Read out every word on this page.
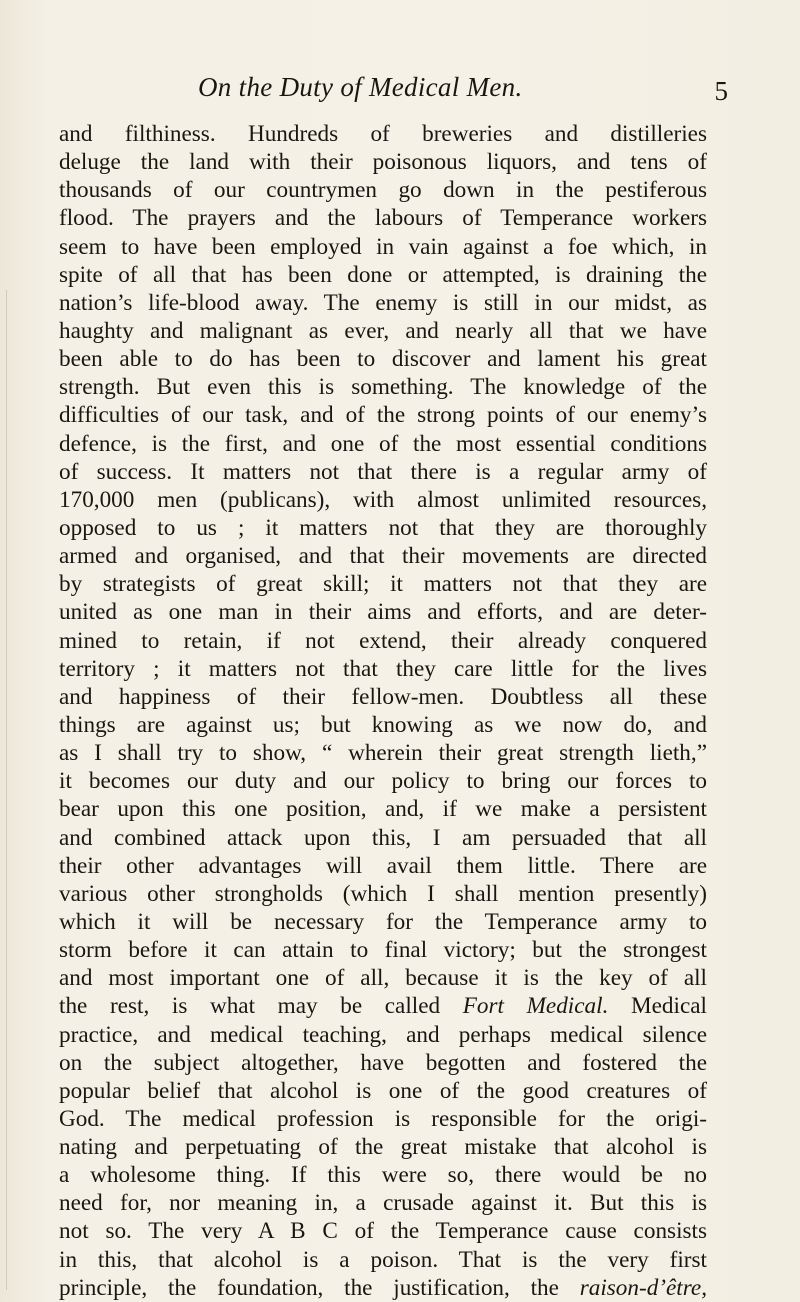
On the Duty of Medical Men.	5
and filthiness. Hundreds of breweries and distilleries
deluge the land with their poisonous liquors, and tens of
thousands of our countrymen go down in the pestiferous
flood. The prayers and the labours of Temperance workers
seem to have been employed in vain against a foe which, in
spite of all that has been done or attempted, is draining the
nation’s life-blood away. The enemy is still in our midst, as
haughty and malignant as ever, and nearly all that we have
been able to do has been to discover and lament his great
strength. But even this is something. The knowledge of the
difficulties of our task, and of the strong points of our enemy’s
defence, is the first, and one of the most essential conditions
of success. It matters not that there is a regular army of
170,000 men (publicans), with almost unlimited resources,
opposed to us ; it matters not that they are thoroughly
armed and organised, and that their movements are directed
by strategists of great skill; it matters not that they are
united as one man in their aims and efforts, and are deter-
mined to retain, if not extend, their already conquered
territory ; it matters not that they care little for the lives
and happiness of their fellow-men. Doubtless all these
things are against us; but knowing as we now do, and
as I shall try to show, “ wherein their great strength lieth,”
it becomes our duty and our policy to bring our forces to
bear upon this one position, and, if we make a persistent
and combined attack upon this, I am persuaded that all
their other advantages will avail them little. There are
various other strongholds (which I shall mention presently)
which it will be necessary for the Temperance army to
storm before it can attain to final victory; but the strongest
and most important one of all, because it is the key of all
the rest, is what may be called Fort Medical. Medical
practice, and medical teaching, and perhaps medical silence
on the subject altogether, have begotten and fostered the
popular belief that alcohol is one of the good creatures of
God. The medical profession is responsible for the origi-
nating and perpetuating of the great mistake that alcohol is
a wholesome thing. If this were so, there would be no
need for, nor meaning in, a crusade against it. But this is
not so. The very A B C of the Temperance cause consists
in this, that alcohol is a poison. That is the very first
principle, the foundation, the justification, the raison-d’être,
